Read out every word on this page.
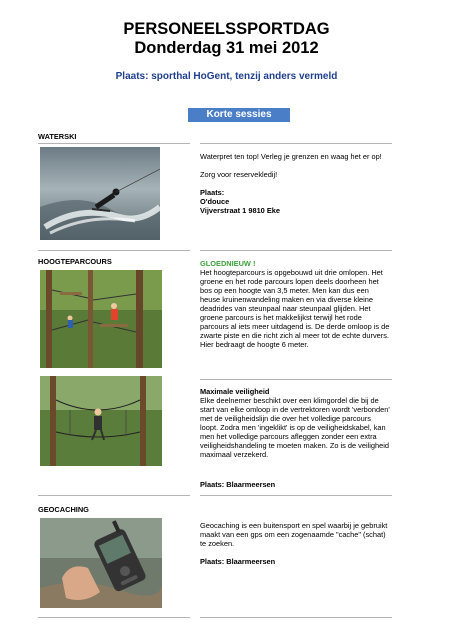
PERSONEELSSPORTDAG
Donderdag 31 mei 2012
Plaats: sporthal HoGent, tenzij anders vermeld
Korte sessies
WATERSKI

Waterpret ten top! Verleg je grenzen en waag het er op!

Zorg voor reservekledij!

Plaats:

O'douce

Vijverstraat 1 9810 Eke

HOOGTEPARCOURS	GLOEDNIEUW !

Het hoogteparcours is opgebouwd uit drie omlopen. Het groene en het rode parcours lopen deels doorheen het bos op een hoogte van 3,5 meter. Men kan dus een heuse kruinenwandeling maken en via diverse kleine deadrides van steunpaal naar steunpaal glijden. Het groene parcours is het makkelijkst terwijl het rode parcours al iets meer uitdagend is. De derde omloop is de zwarte piste en die richt zich al meer tot de echte durvers. Hier bedraagt de hoogte 6 meter.

Maximale veiligheid

Elke deelnemer beschikt over een klimgordel die bij de start van elke omloop in de vertrektoren wordt 'verbonden' met de veiligheidslijn die over het volledige parcours loopt. Zodra men 'ingeklikt' is op de veiligheidskabel, kan men het volledige parcours afleggen zonder een extra veiligheidshandeling te moeten maken. Zo is de veiligheid maximaal verzekerd.

Plaats: Blaarmeersen

GEOCACHING

Geocaching is een buitensport en spel waarbij je gebruikt maakt van een gps om een zogenaamde "cache" (schat) te zoeken.

Plaats: Blaarmeersen
